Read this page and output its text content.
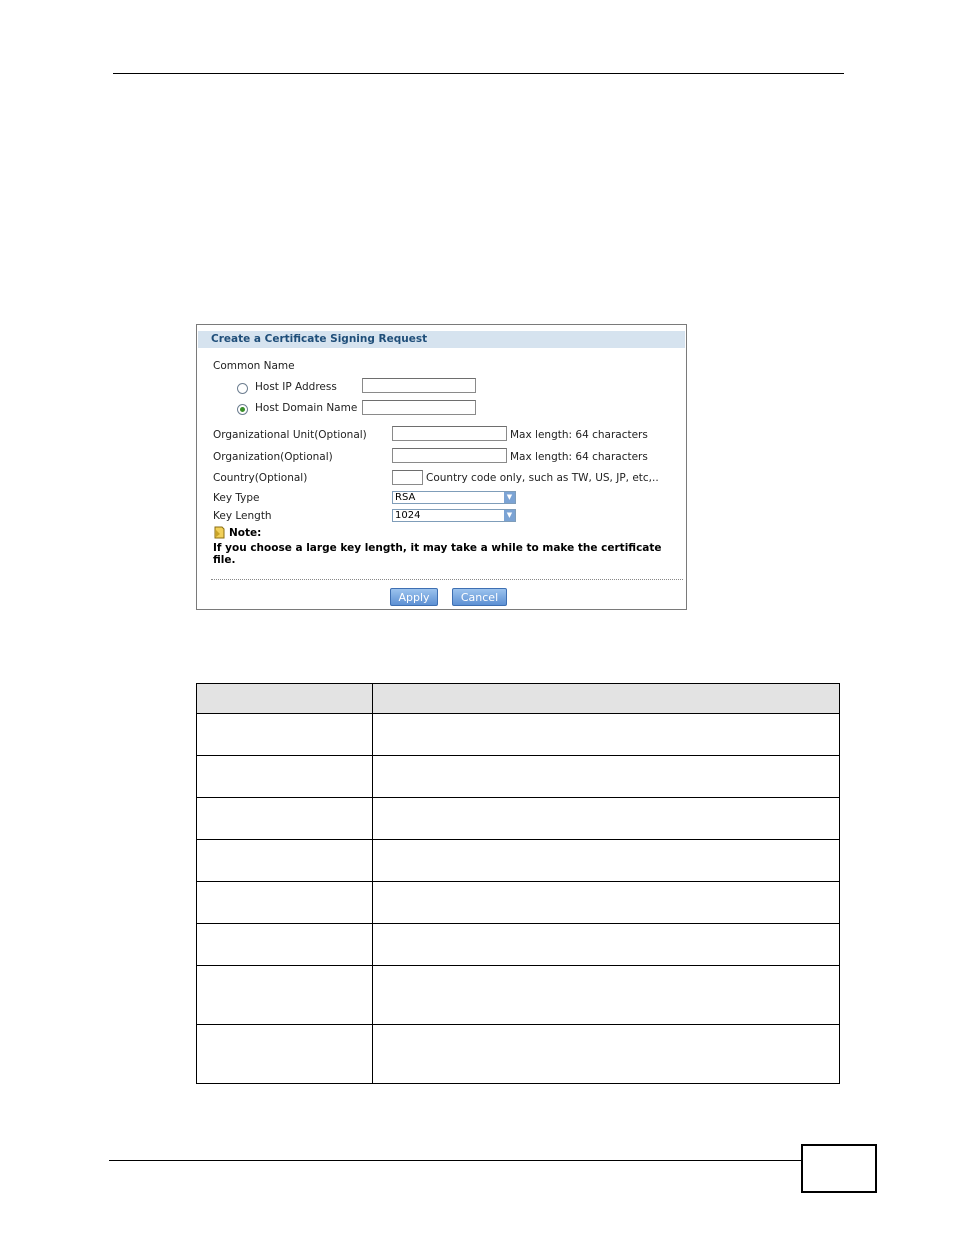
Create a Certificate Signing Request
Common Name
Host IP Address
Host Domain Name
Organizational Unit(Optional)	Max length: 64 characters
Organization(Optional)	Max length: 64 characters
Country(Optional)	Country code only, such as TW, US, JP, etc,..
Key Type	RSA	▼
Key Length	1024	▼
Note:
If you choose a large key length, it may take a while to make the certificate
file.
Apply	Cancel
